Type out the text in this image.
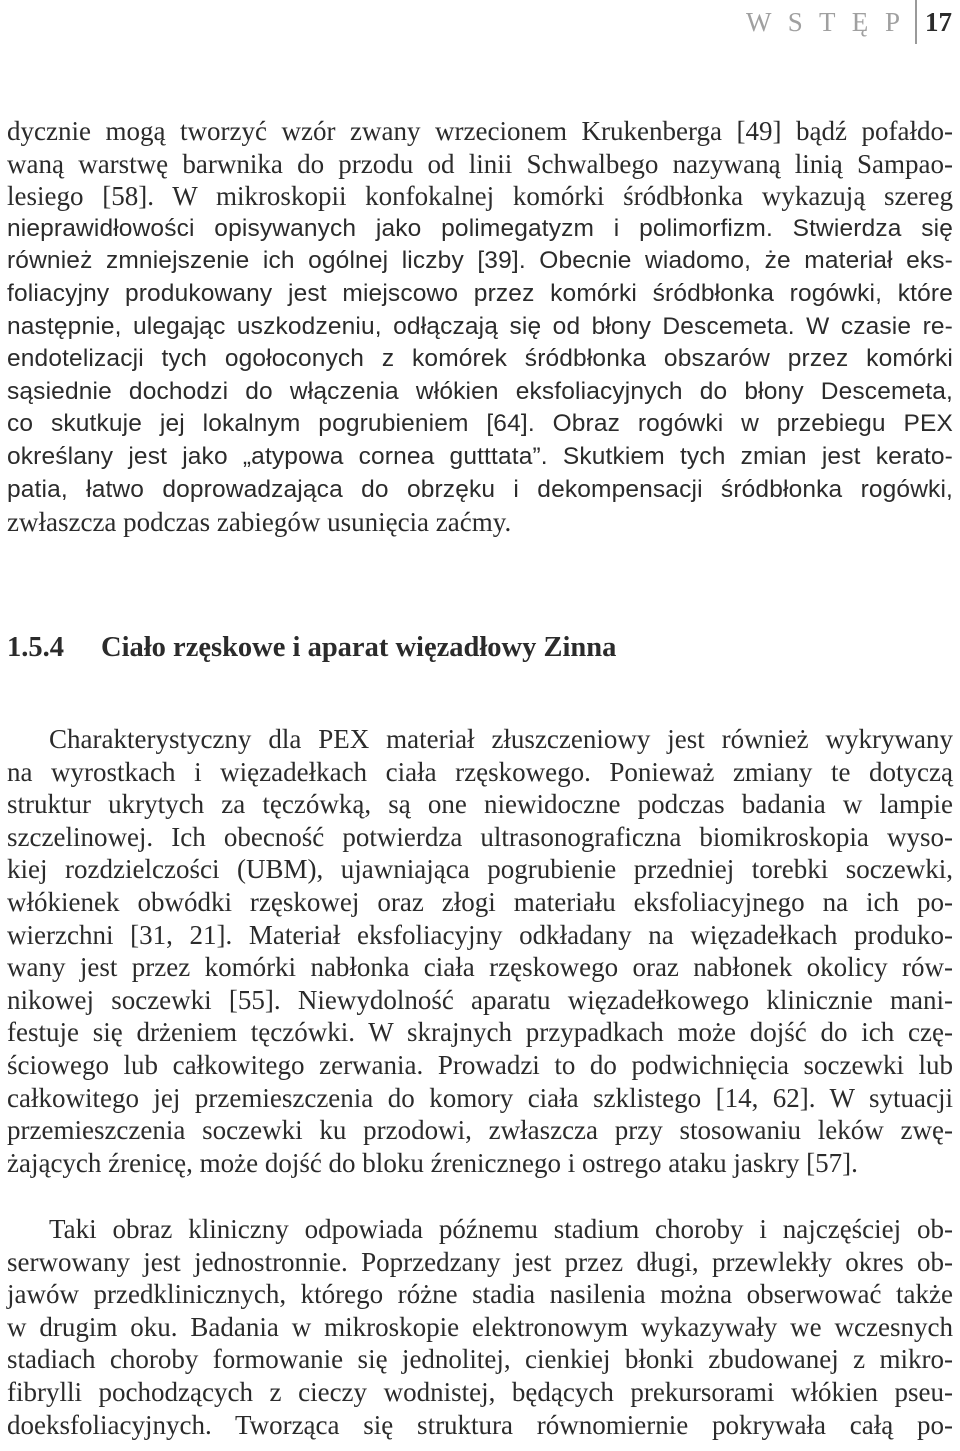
W S T Ę P 17
dycznie mogą tworzyć wzór zwany wrzecionem Krukenberga [49] bądź pofałdo-
waną warstwę barwnika do przodu od linii Schwalbego nazywaną linią Sampao-
lesiego [58]. W mikroskopii konfokalnej komórki śródbłonka wykazują szereg
nieprawidłowości opisywanych jako polimegatyzm i polimorfizm. Stwierdza się
również zmniejszenie ich ogólnej liczby [39]. Obecnie wiadomo, że materiał eks-
foliacyjny produkowany jest miejscowo przez komórki śródbłonka rogówki, które
następnie, ulegając uszkodzeniu, odłączają się od błony Descemeta. W czasie re-
endotelizacji tych ogołoconych z komórek śródbłonka obszarów przez komórki
sąsiednie dochodzi do włączenia włókien eksfoliacyjnych do błony Descemeta,
co skutkuje jej lokalnym pogrubieniem [64]. Obraz rogówki w przebiegu PEX
określany jest jako „atypowa cornea gutttata”. Skutkiem tych zmian jest kerato-
patia, łatwo doprowadzająca do obrzęku i dekompensacji śródbłonka rogówki,
zwłaszcza podczas zabiegów usunięcia zaćmy.
1.5.4	Ciało rzęskowe i aparat więzadłowy Zinna
Charakterystyczny dla PEX materiał złuszczeniowy jest również wykrywany
na wyrostkach i więzadełkach ciała rzęskowego. Ponieważ zmiany te dotyczą
struktur ukrytych za tęczówką, są one niewidoczne podczas badania w lampie
szczelinowej. Ich obecność potwierdza ultrasonograficzna biomikroskopia wyso-
kiej rozdzielczości (UBM), ujawniająca pogrubienie przedniej torebki soczewki,
włókienek obwódki rzęskowej oraz złogi materiału eksfoliacyjnego na ich po-
wierzchni [31, 21]. Materiał eksfoliacyjny odkładany na więzadełkach produko-
wany jest przez komórki nabłonka ciała rzęskowego oraz nabłonek okolicy rów-
nikowej soczewki [55]. Niewydolność aparatu więzadełkowego klinicznie mani-
festuje się drżeniem tęczówki. W skrajnych przypadkach może dojść do ich czę-
ściowego lub całkowitego zerwania. Prowadzi to do podwichnięcia soczewki lub
całkowitego jej przemieszczenia do komory ciała szklistego [14, 62]. W sytuacji
przemieszczenia soczewki ku przodowi, zwłaszcza przy stosowaniu leków zwę-
żających źrenicę, może dojść do bloku źrenicznego i ostrego ataku jaskry [57].
Taki obraz kliniczny odpowiada późnemu stadium choroby i najczęściej ob-
serwowany jest jednostronnie. Poprzedzany jest przez długi, przewlekły okres ob-
jawów przedklinicznych, którego różne stadia nasilenia można obserwować także
w drugim oku. Badania w mikroskopie elektronowym wykazywały we wczesnych
stadiach choroby formowanie się jednolitej, cienkiej błonki zbudowanej z mikro-
fibrylli pochodzących z cieczy wodnistej, będących prekursorami włókien pseu-
doeksfoliacyjnych. Tworząca się struktura równomiernie pokrywała całą po-
